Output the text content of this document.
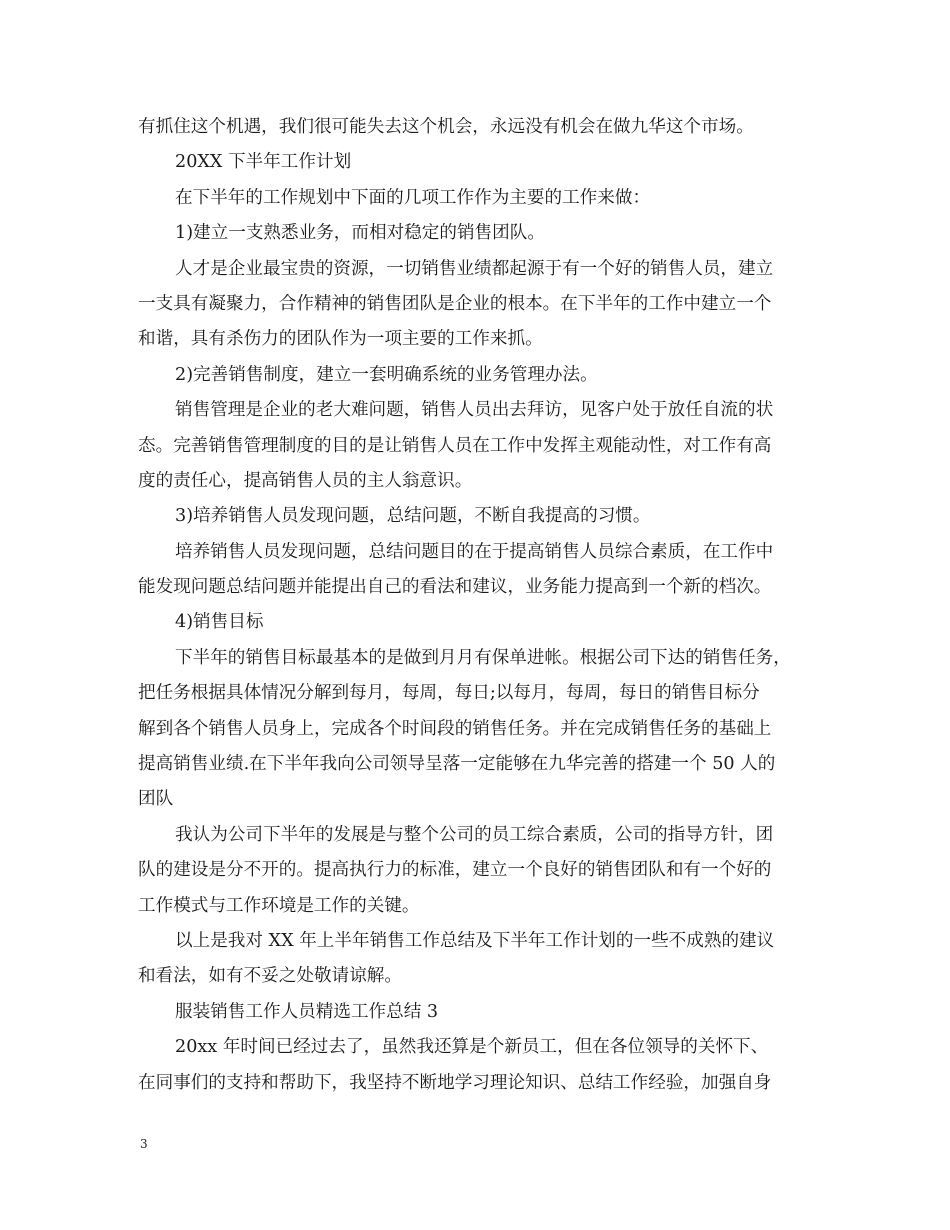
有抓住这个机遇，我们很可能失去这个机会，永远没有机会在做九华这个市场。
20XX 下半年工作计划
在下半年的工作规划中下面的几项工作作为主要的工作来做：
1)建立一支熟悉业务，而相对稳定的销售团队。
人才是企业最宝贵的资源，一切销售业绩都起源于有一个好的销售人员，建立
一支具有凝聚力，合作精神的销售团队是企业的根本。在下半年的工作中建立一个
和谐，具有杀伤力的团队作为一项主要的工作来抓。
2)完善销售制度，建立一套明确系统的业务管理办法。
销售管理是企业的老大难问题，销售人员出去拜访，见客户处于放任自流的状
态。完善销售管理制度的目的是让销售人员在工作中发挥主观能动性，对工作有高
度的责任心，提高销售人员的主人翁意识。
3)培养销售人员发现问题，总结问题，不断自我提高的习惯。
培养销售人员发现问题，总结问题目的在于提高销售人员综合素质，在工作中
能发现问题总结问题并能提出自己的看法和建议，业务能力提高到一个新的档次。
4)销售目标
下半年的销售目标最基本的是做到月月有保单进帐。根据公司下达的销售任务，
把任务根据具体情况分解到每月，每周，每日;以每月，每周，每日的销售目标分
解到各个销售人员身上，完成各个时间段的销售任务。并在完成销售任务的基础上
提高销售业绩.在下半年我向公司领导呈落一定能够在九华完善的搭建一个 50 人的
团队
我认为公司下半年的发展是与整个公司的员工综合素质，公司的指导方针，团
队的建设是分不开的。提高执行力的标准，建立一个良好的销售团队和有一个好的
工作模式与工作环境是工作的关键。
以上是我对 XX 年上半年销售工作总结及下半年工作计划的一些不成熟的建议
和看法，如有不妥之处敬请谅解。
服装销售工作人员精选工作总结 3
20xx 年时间已经过去了，虽然我还算是个新员工，但在各位领导的关怀下、
在同事们的支持和帮助下，我坚持不断地学习理论知识、总结工作经验，加强自身
3
